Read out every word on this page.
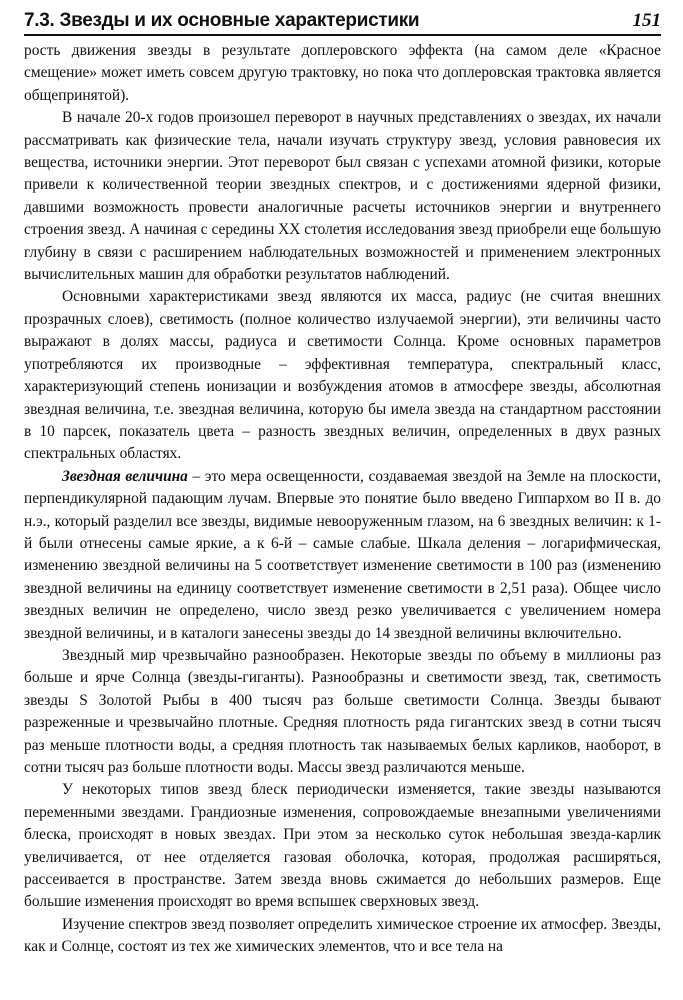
7.3. Звезды и их основные характеристики	151

рость движения звезды в результате доплеровского эффекта (на самом деле «Красное смещение» может иметь совсем другую трактовку, но пока что доплеровская трактовка является общепринятой).

В начале 20-х годов произошел переворот в научных представлениях о звездах, их начали рассматривать как физические тела, начали изучать структуру звезд, условия равновесия их вещества, источники энергии. Этот переворот был связан с успехами атомной физики, которые привели к количественной теории звездных спектров, и с достижениями ядерной физики, давшими возможность провести аналогичные расчеты источников энергии и внутреннего строения звезд. А начиная с середины XX столетия исследования звезд приобрели еще большую глубину в связи с расширением наблюдательных возможностей и применением электронных вычислительных машин для обработки результатов наблюдений.

Основными характеристиками звезд являются их масса, радиус (не считая внешних прозрачных слоев), светимость (полное количество излучаемой энергии), эти величины часто выражают в долях массы, радиуса и светимости Солнца. Кроме основных параметров употребляются их производные – эффективная температура, спектральный класс, характеризующий степень ионизации и возбуждения атомов в атмосфере звезды, абсолютная звездная величина, т.е. звездная величина, которую бы имела звезда на стандартном расстоянии в 10 парсек, показатель цвета – разность звездных величин, определенных в двух разных спектральных областях.

Звездная величина – это мера освещенности, создаваемая звездой на Земле на плоскости, перпендикулярной падающим лучам. Впервые это понятие было введено Гиппархом во II в. до н.э., который разделил все звезды, видимые невооруженным глазом, на 6 звездных величин: к 1-й были отнесены самые яркие, а к 6-й – самые слабые. Шкала деления – логарифмическая, изменению звездной величины на 5 соответствует изменение светимости в 100 раз (изменению звездной величины на единицу соответствует изменение светимости в 2,51 раза). Общее число звездных величин не определено, число звезд резко увеличивается с увеличением номера звездной величины, и в каталоги занесены звезды до 14 звездной величины включительно.

Звездный мир чрезвычайно разнообразен. Некоторые звезды по объему в миллионы раз больше и ярче Солнца (звезды-гиганты). Разнообразны и светимости звезд, так, светимость звезды S Золотой Рыбы в 400 тысяч раз больше светимости Солнца. Звезды бывают разреженные и чрезвычайно плотные. Средняя плотность ряда гигантских звезд в сотни тысяч раз меньше плотности воды, а средняя плотность так называемых белых карликов, наоборот, в сотни тысяч раз больше плотности воды. Массы звезд различаются меньше.

У некоторых типов звезд блеск периодически изменяется, такие звезды называются переменными звездами. Грандиозные изменения, сопровождаемые внезапными увеличениями блеска, происходят в новых звездах. При этом за несколько суток небольшая звезда-карлик увеличивается, от нее отделяется газовая оболочка, которая, продолжая расширяться, рассеивается в пространстве. Затем звезда вновь сжимается до небольших размеров. Еще большие изменения происходят во время вспышек сверхновых звезд.

Изучение спектров звезд позволяет определить химическое строение их атмосфер. Звезды, как и Солнце, состоят из тех же химических элементов, что и все тела на
